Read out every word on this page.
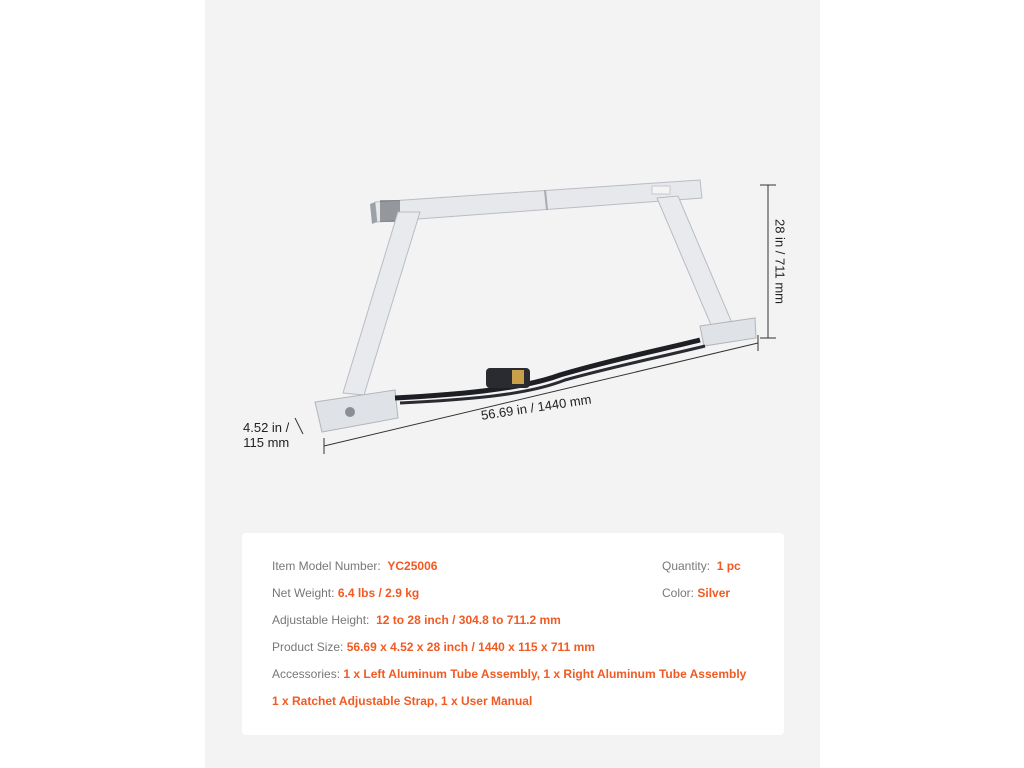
56.69 in / 1440 mm
28 in / 711 mm
4.52 in /
115 mm
Item Model Number: YC25006	Quantity: 1 pc
Net Weight: 6.4 lbs / 2.9 kg	Color: Silver
Adjustable Height: 12 to 28 inch / 304.8 to 711.2 mm
Product Size: 56.69 x 4.52 x 28 inch / 1440 x 115 x 711 mm
Accessories: 1 x Left Aluminum Tube Assembly, 1 x Right Aluminum Tube Assembly
1 x Ratchet Adjustable Strap, 1 x User Manual
